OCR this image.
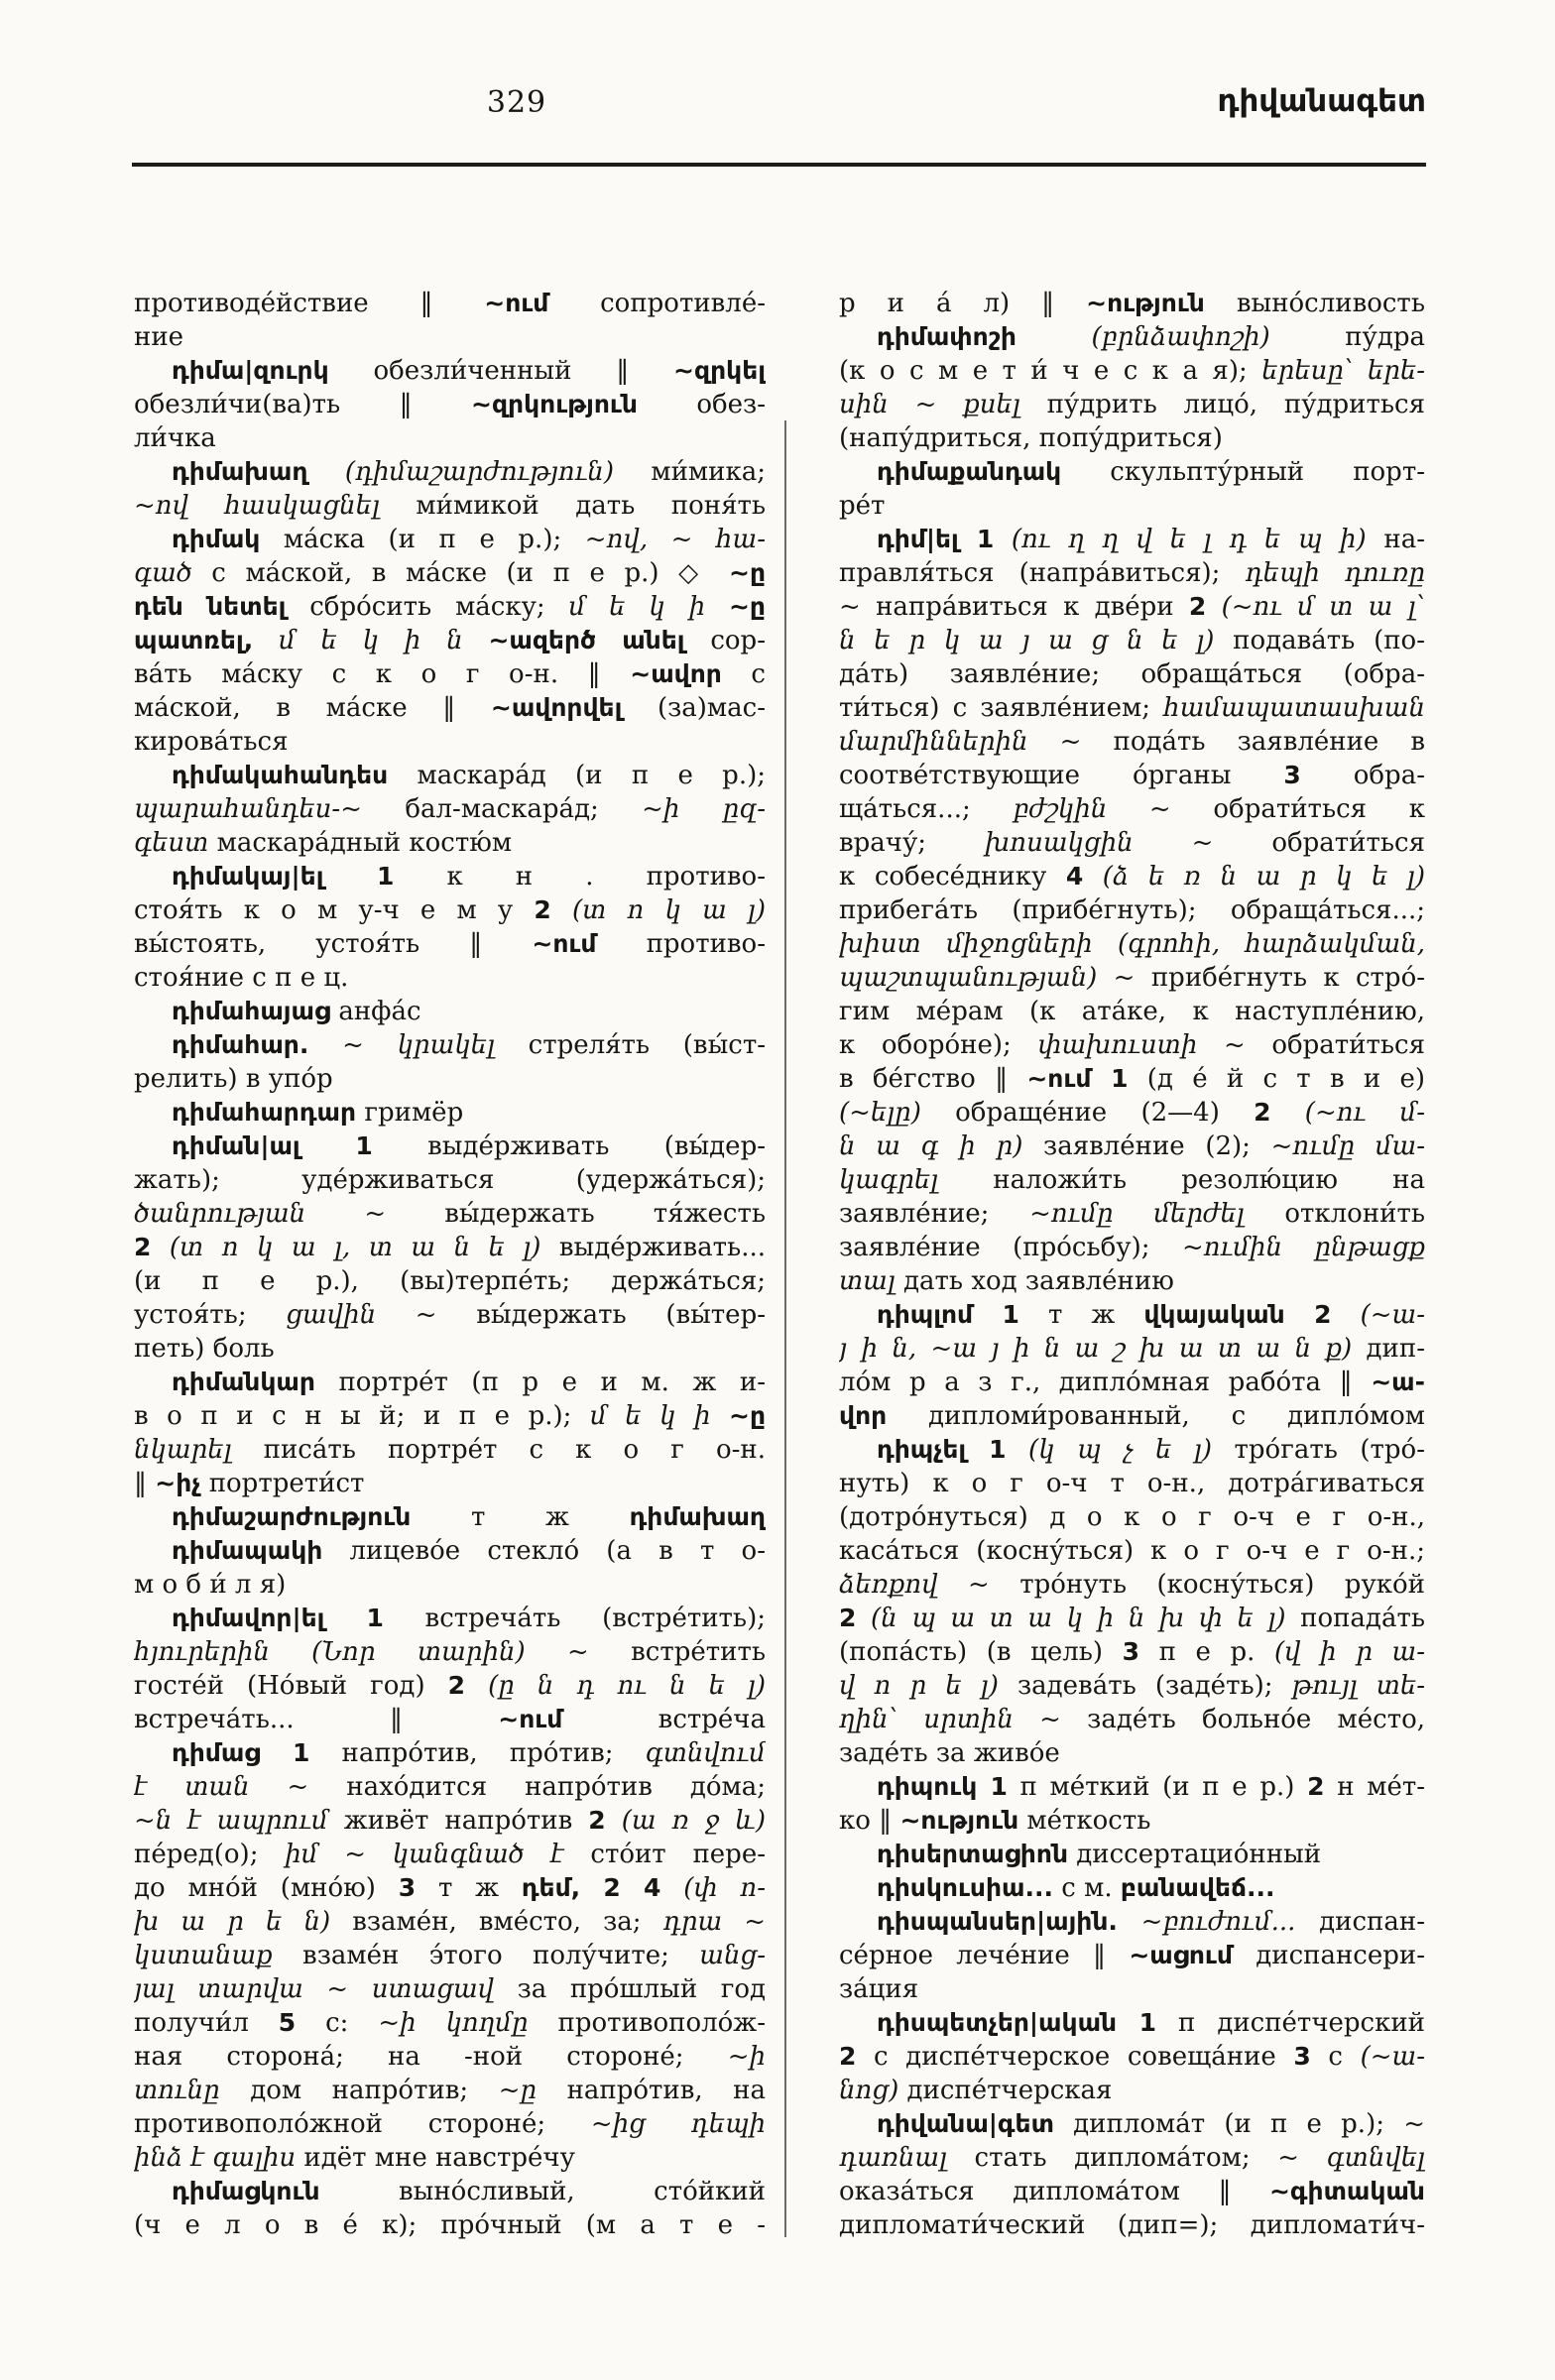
329	դիվանագետ
противоде́йствие ‖ ~ում сопротивле́-
ние
դիմա|զուրկ обезли́ченный ‖ ~զրկել
обезли́чи(ва)ть ‖ ~զրկություն обез-
ли́чка
դիմախաղ (դիմաշարժություն) ми́мика;
~ով հասկացնել ми́микой дать поня́ть
դիմակ ма́ска (и п е р.); ~ով, ~ հա-
գած с ма́ской, в ма́ске (и п е р.) ◇ ~ը
դեն նետել сбро́сить ма́ску; մ ե կ ի ~ը
պատռել, մ ե կ ի ն ~ազերծ անել сор-
ва́ть ма́ску с к о г о-н. ‖ ~ավոր с
ма́ской, в ма́ске ‖ ~ավորվել (за)мас-
кирова́ться
դիմակահանդես маскара́д (и п е р.);
պարահանդես-~ бал-маскара́д; ~ի ըզ-
գեստ маскара́дный костю́м
դիմակայ|ել 1 к н . противо-
стоя́ть к о м у-ч е м у 2 (տ ո կ ա լ)
вы́стоять, устоя́ть ‖ ~ում противо-
стоя́ние с п е ц.
դիմահայաց анфа́с
դիմահար. ~ կրակել стреля́ть (вы́ст-
релить) в упо́р
դիմահարդար гримёр
դիման|ալ 1 выде́рживать (вы́дер-
жать); уде́рживаться (удержа́ться);
ծանրության ~ вы́держать тя́жесть
2 (տ ո կ ա լ, տ ա ն ե լ) выде́рживать...
(и п е р.), (вы)терпе́ть; держа́ться;
устоя́ть; ցավին ~ вы́держать (вы́тер-
петь) боль
դիմանկար портре́т (п р е и м. ж и-
в о п и с н ы й; и п е р.); մ ե կ ի ~ը
նկարել писа́ть портре́т с к о г о-н.
‖ ~իչ портрети́ст
դիմաշարժություն т ж դիմախաղ
դիմապակի лицево́е стекло́ (а в т о-
м о б и́ л я)
դիմավոր|ել 1 встреча́ть (встре́тить);
հյուրերին (Նոր տարին) ~ встре́тить
госте́й (Но́вый год) 2 (ը ն դ ու ն ե լ)
встреча́ть... ‖ ~ում встре́ча
դիմաց 1 напро́тив, про́тив; գտնվում
է տան ~ нахо́дится напро́тив до́ма;
~ն է ապրում живёт напро́тив 2 (ա ռ ջ և)
пе́ред(о); իմ ~ կանգնած է сто́ит пере-
до мно́й (мно́ю) 3 т ж դեմ, 2 4 (փ ո-
խ ա ր ե ն) взаме́н, вме́сто, за; դրա ~
կստանաք взаме́н э́того полу́чите; անց-
յալ տարվա ~ ստացավ за про́шлый год
получи́л 5 с: ~ի կողմը противополо́ж-
ная сторона́; на -ной стороне́; ~ի
տունը дом напро́тив; ~ը напро́тив, на
противополо́жной стороне́; ~ից դեպի
ինձ է գալիս идёт мне навстре́чу
դիմացկուն выно́сливый, сто́йкий
(ч е л о в е́ к); про́чный (м а т е -
р и а́ л) ‖ ~ություն выно́сливость
դիմափոշի (բրնձափոշի) пу́дра
(к о с м е т и́ ч е с к а я); երեսը՝ երե-
սին ~ քսել пу́дрить лицо́, пу́дриться
(напу́дриться, попу́дриться)
դիմաքանդակ скульпту́рный порт-
ре́т
դիմ|ել 1 (ու ղ ղ վ ե լ դ ե պ ի) на-
правля́ться (напра́виться); դեպի դուռը
~ напра́виться к две́ри 2 (~ու մ տ ա լ՝
ն ե ր կ ա յ ա ց ն ե լ) подава́ть (по-
да́ть) заявле́ние; обраща́ться (обра-
ти́ться) с заявле́нием; համապատասխան
մարմիններին ~ пода́ть заявле́ние в
соотве́тствующие о́рганы 3 обра-
ща́ться...; բժշկին ~ обрати́ться к
врачу́; խոսակցին ~ обрати́ться
к собесе́днику 4 (ձ ե ռ ն ա ր կ ե լ)
прибега́ть (прибе́гнуть); обраща́ться...;
խիստ միջոցների (գրոհի, հարձակման,
պաշտպանության) ~ прибе́гнуть к стро́-
гим ме́рам (к ата́ке, к наступле́нию,
к оборо́не); փախուստի ~ обрати́ться
в бе́гство ‖ ~ում 1 (д е́ й с т в и е)
(~ելը) обраще́ние (2—4) 2 (~ու մ-
ն ա գ ի ր) заявле́ние (2); ~ումը մա-
կագրել наложи́ть резолю́цию на
заявле́ние; ~ումը մերժել отклони́ть
заявле́ние (про́сьбу); ~ումին ընթացք
տալ дать ход заявле́нию
դիպլոմ 1 т ж վկայական 2 (~ա-
յ ի ն, ~ա յ ի ն ա շ խ ա տ ա ն ք) дип-
ло́м р а з г., дипло́мная рабо́та ‖ ~ա-
վոր дипломи́рованный, с дипло́мом
դիպչել 1 (կ պ չ ե լ) тро́гать (тро́-
нуть) к о г о-ч т о-н., дотра́гиваться
(дотро́нуться) д о к о г о-ч е г о-н.,
каса́ться (косну́ться) к о г о-ч е г о-н.;
ձեռքով ~ тро́нуть (косну́ться) руко́й
2 (ն պ ա տ ա կ ի ն խ փ ե լ) попада́ть
(попа́сть) (в цель) 3 п е р. (վ ի ր ա-
վ ո ր ե լ) задева́ть (заде́ть); թույլ տե-
ղին՝ սրտին ~ заде́ть больно́е ме́сто,
заде́ть за живо́е
դիպուկ 1 п ме́ткий (и п е р.) 2 н ме́т-
ко ‖ ~ություն ме́ткость
դիսերտացիոն диссертацио́нный
դիսկուսիա... с м. բանավեճ...
դիսպանսեր|ային. ~բուժում... диспан-
се́рное лече́ние ‖ ~ացում диспансери-
за́ция
դիսպետչեր|ական 1 п диспе́тчерский
2 с диспе́тчерское совеща́ние 3 с (~ա-
նոց) диспе́тчерская
դիվանա|գետ диплома́т (и п е р.); ~
դառնալ стать диплома́том; ~ գտնվել
оказа́ться диплома́том ‖ ~գիտական
дипломати́ческий (дип=); дипломати́ч-
